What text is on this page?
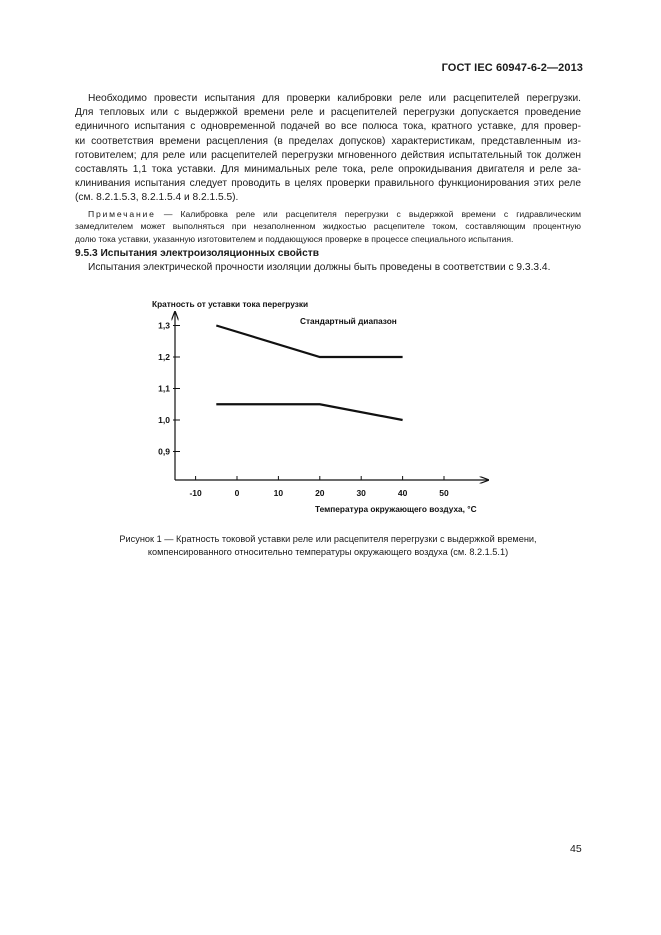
ГОСТ IEC 60947-6-2—2013
Необходимо провести испытания для проверки калибровки реле или расцепителей перегрузки.
Для тепловых или с выдержкой времени реле и расцепителей перегрузки допускается проведение
единичного испытания с одновременной подачей во все полюса тока, кратного уставке, для провер-
ки соответствия времени расцепления (в пределах допусков) характеристикам, представленным из-
готовителем; для реле или расцепителей перегрузки мгновенного действия испытательный ток должен
составлять 1,1 тока уставки. Для минимальных реле тока, реле опрокидывания двигателя и реле за-
клинивания испытания следует проводить в целях проверки правильного функционирования этих реле
(см. 8.2.1.5.3, 8.2.1.5.4 и 8.2.1.5.5).
Примечание — Калибровка реле или расцепителя перегрузки с выдержкой времени с гидравлическим
замедлителем может выполняться при незаполненном жидкостью расцепителе током, составляющим процентную
долю тока уставки, указанную изготовителем и поддающуюся проверке в процессе специального испытания.
9.5.3 Испытания электроизоляционных свойств
Испытания электрической прочности изоляции должны быть проведены в соответствии с 9.3.3.4.
0,9
1,0
1,1
1,2
1,3
-10	0	10	20	30	40	50
Кратность от уставки тока перегрузки
Стандартный диапазон
Температура окружающего воздуха, °С
Рисунок 1 — Кратность токовой уставки реле или расцепителя перегрузки с выдержкой времени,
компенсированного относительно температуры окружающего воздуха (см. 8.2.1.5.1)
45
